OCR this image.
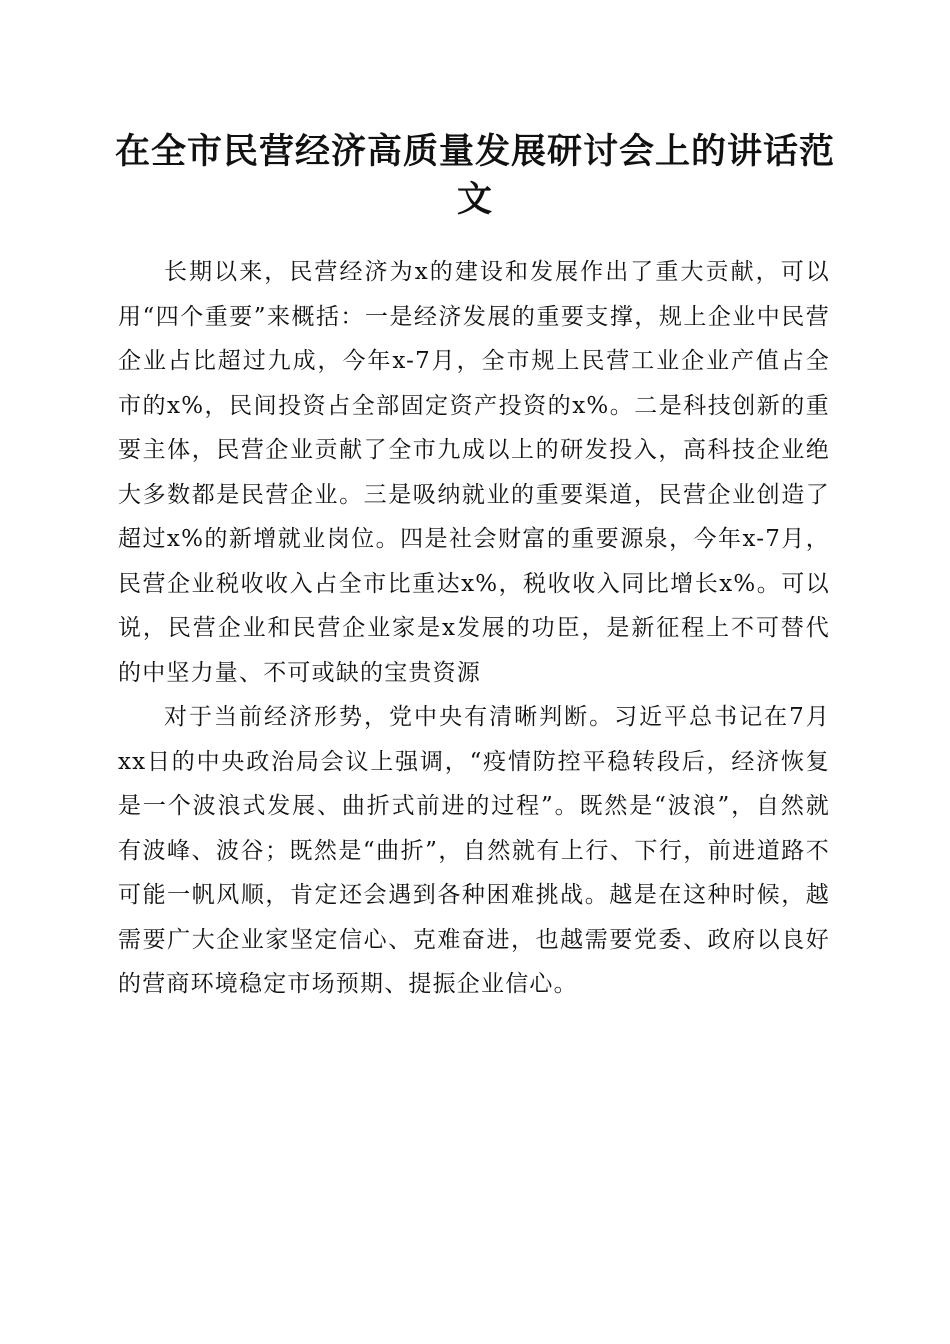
在全市民营经济高质量发展研讨会上的讲话范文

长期以来，民营经济为x的建设和发展作出了重大贡献，可以用“四个重要”来概括：一是经济发展的重要支撑，规上企业中民营企业占比超过九成，今年x-7月，全市规上民营工业企业产值占全市的x%，民间投资占全部固定资产投资的x%。二是科技创新的重要主体，民营企业贡献了全市九成以上的研发投入，高科技企业绝大多数都是民营企业。三是吸纳就业的重要渠道，民营企业创造了超过x%的新增就业岗位。四是社会财富的重要源泉，今年x-7月，民营企业税收收入占全市比重达x%，税收收入同比增长x%。可以说，民营企业和民营企业家是x发展的功臣，是新征程上不可替代的中坚力量、不可或缺的宝贵资源

对于当前经济形势，党中央有清晰判断。习近平总书记在7月xx日的中央政治局会议上强调，“疫情防控平稳转段后，经济恢复是一个波浪式发展、曲折式前进的过程”。既然是“波浪”，自然就有波峰、波谷；既然是“曲折”，自然就有上行、下行，前进道路不可能一帆风顺，肯定还会遇到各种困难挑战。越是在这种时候，越需要广大企业家坚定信心、克难奋进，也越需要党委、政府以良好的营商环境稳定市场预期、提振企业信心。
